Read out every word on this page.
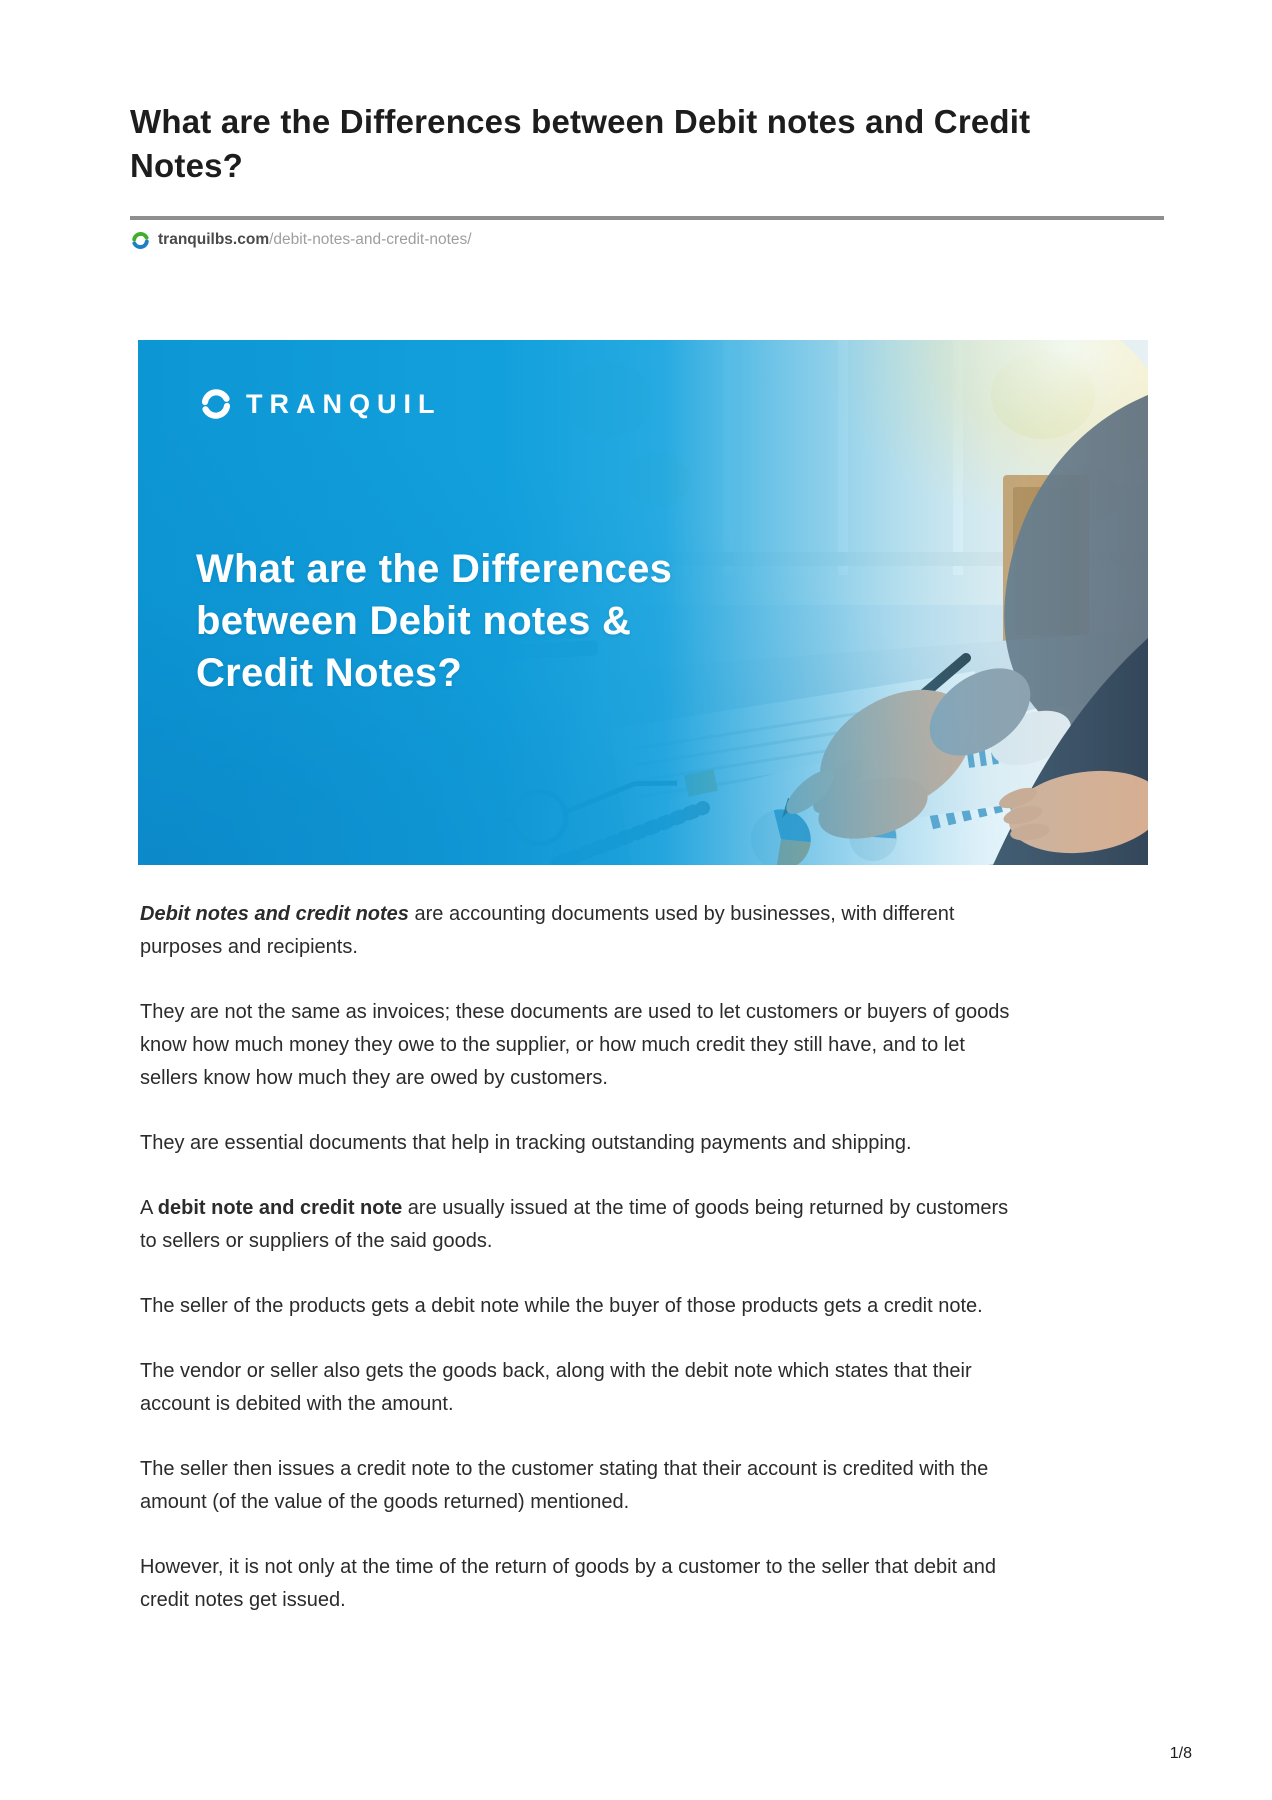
What are the Differences between Debit notes and Credit Notes?
tranquilbs.com/debit-notes-and-credit-notes/
TRANQUIL
What are the Differences
between Debit notes &
Credit Notes?

Debit notes and credit notes are accounting documents used by businesses, with different purposes and recipients.

They are not the same as invoices; these documents are used to let customers or buyers of goods know how much money they owe to the supplier, or how much credit they still have, and to let sellers know how much they are owed by customers.

They are essential documents that help in tracking outstanding payments and shipping.

A debit note and credit note are usually issued at the time of goods being returned by customers to sellers or suppliers of the said goods.

The seller of the products gets a debit note while the buyer of those products gets a credit note.

The vendor or seller also gets the goods back, along with the debit note which states that their account is debited with the amount.

The seller then issues a credit note to the customer stating that their account is credited with the amount (of the value of the goods returned) mentioned.

However, it is not only at the time of the return of goods by a customer to the seller that debit and credit notes get issued.

1/8
